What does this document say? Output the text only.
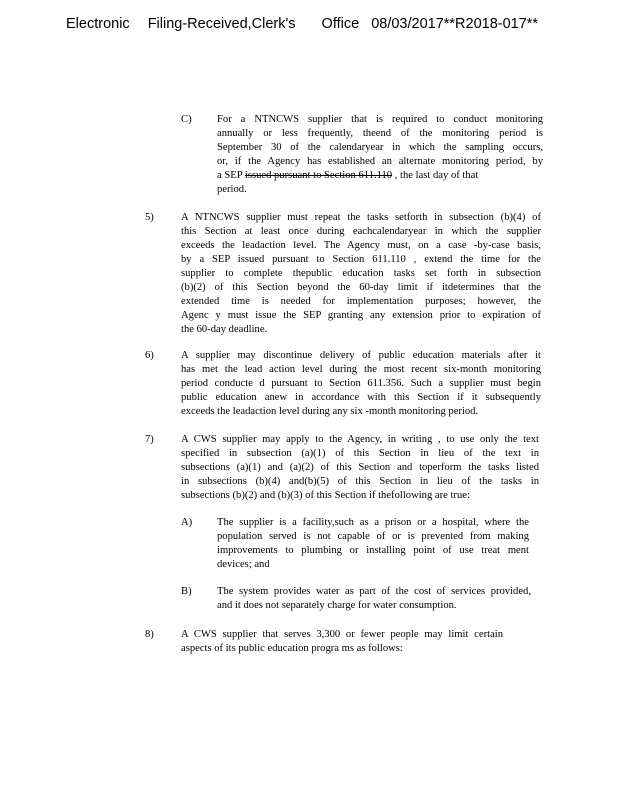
Electronic Filing-Received,Clerk's Office 08/03/2017**R2018-017**
C) For a NTNCWS supplier that is required to conduct monitoring
annually or less frequently, theend of the monitoring period is
September 30 of the calendaryear in which the sampling occurs,
or, if the Agency has established an alternate monitoring period, by
a SEP issued pursuant to Section 611.110 , the last day of that
period.
5)	A NTNCWS supplier must repeat the tasks setforth in subsection (b)(4) of
this Section at least once during eachcalendaryear in which the supplier
exceeds the leadaction level. The Agency must, on a case -by-case basis,
by a SEP issued pursuant to Section 611.110 , extend the time for the
supplier to complete thepublic education tasks set forth in subsection
(b)(2) of this Section beyond the 60-day limit if itdetermines that the
extended time is needed for implementation purposes; however, the
Agenc y must issue the SEP granting any extension prior to expiration of
the 60-day deadline.
6)	A supplier may discontinue delivery of public education materials after it
has met the lead action level during the most recent six-month monitoring
period conducte d pursuant to Section 611.356. Such a supplier must begin
public education anew in accordance with this Section if it subsequently
exceeds the leadaction level during any six -month monitoring period.
7)	A CWS supplier may apply to the Agency, in writing , to use only the text
specified in subsection (a)(1) of this Section in lieu of the text in
subsections (a)(1) and (a)(2) of this Section and toperform the tasks listed
in subsections (b)(4) and(b)(5) of this Section in lieu of the tasks in
subsections (b)(2) and (b)(3) of this Section if thefollowing are true:
A) The supplier is a facility,such as a prison or a hospital, where the
population served is not capable of or is prevented from making
improvements to plumbing or installing point of use treat ment
devices; and
B) The system provides water as part of the cost of services provided,
and it does not separately charge for water consumption.
8)	A CWS supplier that serves 3,300 or fewer people may limit certain
aspects of its public education progra ms as follows:
